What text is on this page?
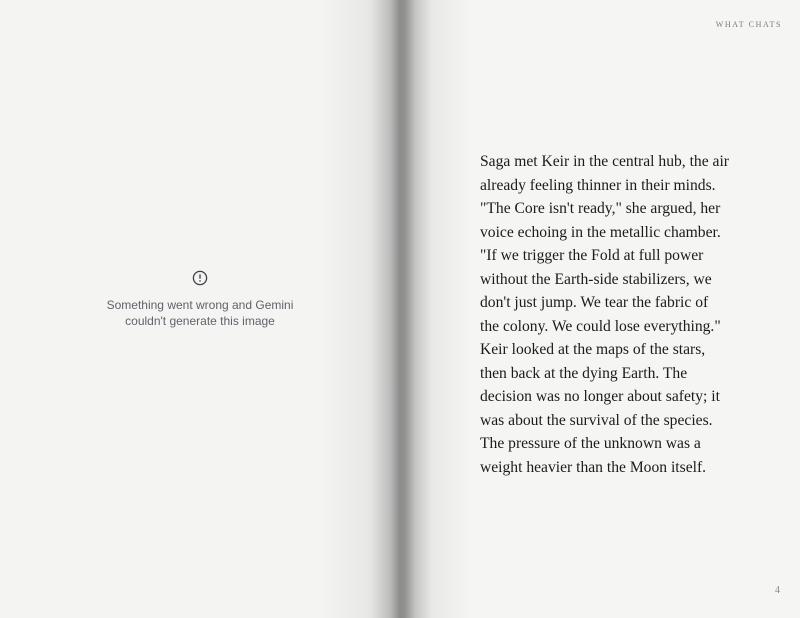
Something went wrong and Gemini couldn't generate this image
WHAT CHATS
Saga met Keir in the central hub, the air
already feeling thinner in their minds.
"The Core isn't ready," she argued, her
voice echoing in the metallic chamber.
"If we trigger the Fold at full power
without the Earth-side stabilizers, we
don't just jump. We tear the fabric of
the colony. We could lose everything."
Keir looked at the maps of the stars,
then back at the dying Earth. The
decision was no longer about safety; it
was about the survival of the species.
The pressure of the unknown was a
weight heavier than the Moon itself.
4
